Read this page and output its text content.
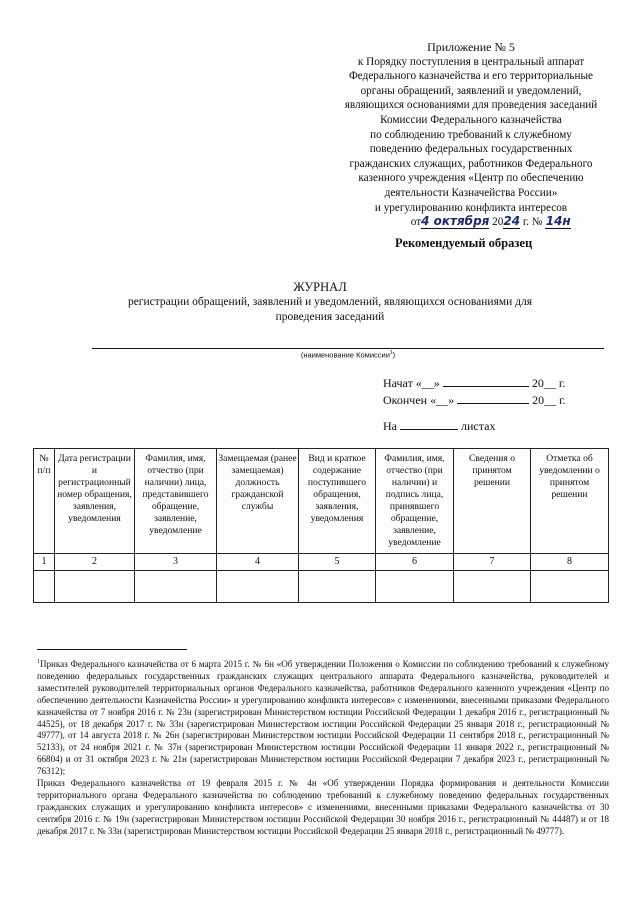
Приложение № 5
к Порядку поступления в центральный аппарат
Федерального казначейства и его территориальные
органы обращений, заявлений и уведомлений,
являющихся основаниями для проведения заседаний
Комиссии Федерального казначейства
по соблюдению требований к служебному
поведению федеральных государственных
гражданских служащих, работников Федерального
казенного учреждения «Центр по обеспечению
деятельности Казначейства России»
и урегулированию конфликта интересов
от4 октября 2024 г. № 14н
Рекомендуемый образец
ЖУРНАЛ
регистрации обращений, заявлений и уведомлений, являющихся основаниями для проведения заседаний
(наименование Комиссии$^1$)
Начат «__»	20__ г.
Окончен «__»	20__ г.
На	листах
№ п/п	Дата регистрации и регистрационный номер обращения, заявления, уведомления	Фамилия, имя, отчество (при наличии) лица, представившего обращение, заявление, уведомление	Замещаемая (ранее замещаемая) должность гражданской службы	Вид и краткое содержание поступившего обращения, заявления, уведомления	Фамилия, имя, отчество (при наличии) и подпись лица, принявшего обращение, заявление, уведомление	Сведения о принятом решении	Отметка об уведомлении о принятом решении
1	2	3	4	5	6	7	8

$^1$Приказ Федерального казначейства от 6 марта 2015 г. № 6н «Об утверждении Положения о Комиссии по соблюдению требований к служебному поведению федеральных государственных гражданских служащих центрального аппарата Федерального казначейства, руководителей и заместителей руководителей территориальных органов Федерального казначейства, работников Федерального казенного учреждения «Центр по обеспечению деятельности Казначейства России» и урегулированию конфликта интересов» с изменениями, внесенными приказами Федерального казначейства от 7 ноября 2016 г. № 23н (зарегистрирован Министерством юстиции Российской Федерации 1 декабря 2016 г., регистрационный № 44525), от 18 декабря 2017 г. № 33н (зарегистрирован Министерством юстиции Российской Федерации 25 января 2018 г., регистрационный № 49777), от 14 августа 2018 г. № 26н (зарегистрирован Министерством юстиции Российской Федерации 11 сентября 2018 г., регистрационный № 52133), от 24 ноября 2021 г. № 37н (зарегистрирован Министерством юстиции Российской Федерации 11 января 2022 г., регистрационный № 66804) и от 31 октября 2023 г. № 21н (зарегистрирован Министерством юстиции Российской Федерации 7 декабря 2023 г., регистрационный № 76312);

Приказ Федерального казначейства от 19 февраля 2015 г. № 4н «Об утверждении Порядка формирования и деятельности Комиссии территориального органа Федерального казначейства по соблюдению требований к служебному поведению федеральных государственных гражданских служащих и урегулированию конфликта интересов» с изменениями, внесенными приказами Федерального казначейства от 30 сентября 2016 г. № 19н (зарегистрирован Министерством юстиции Российской Федерации 30 ноября 2016 г., регистрационный № 44487) и от 18 декабря 2017 г. № 33н (зарегистрирован Министерством юстиции Российской Федерации 25 января 2018 г., регистрационный № 49777).
